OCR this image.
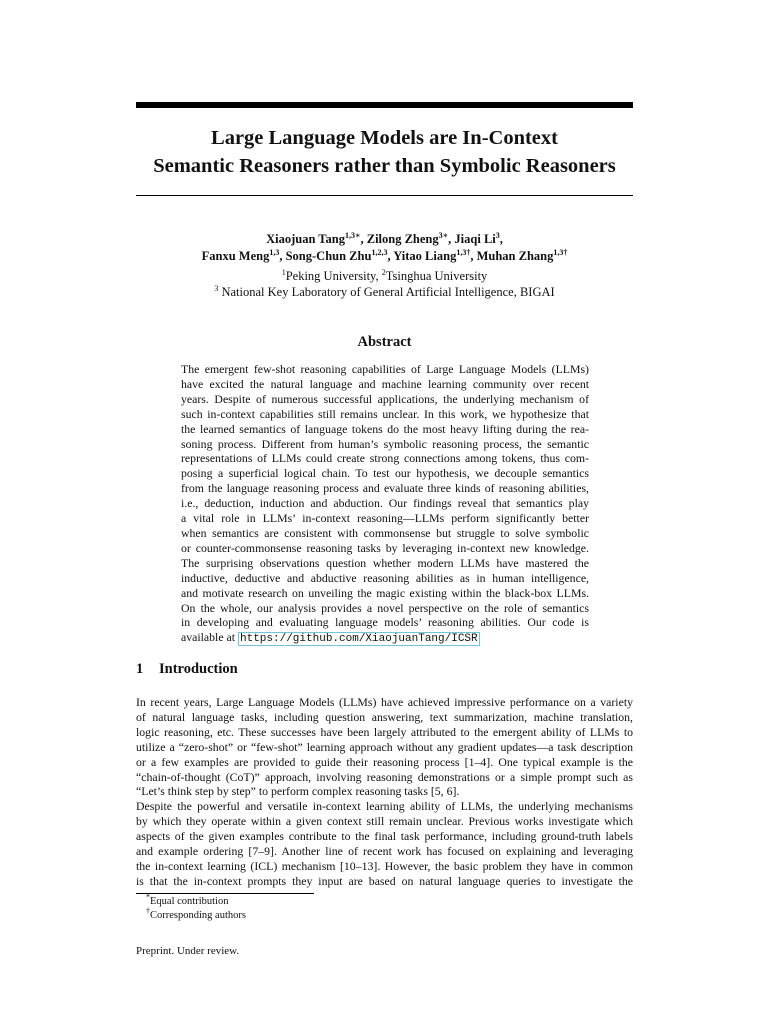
Large Language Models are In-Context
Semantic Reasoners rather than Symbolic Reasoners
Xiaojuan Tang$^{1,3∗}$, Zilong Zheng$^{3∗}$, Jiaqi Li$^3$,
Fanxu Meng$^{1,3}$, Song-Chun Zhu$^{1,2,3}$, Yitao Liang$^{1,3\dagger}$, Muhan Zhang$^{1,3\dagger}$
$^1$Peking University, $^2$Tsinghua University
$^3$ National Key Laboratory of General Artificial Intelligence, BIGAI
Abstract
The emergent few-shot reasoning capabilities of Large Language Models (LLMs)
have excited the natural language and machine learning community over recent
years. Despite of numerous successful applications, the underlying mechanism of
such in-context capabilities still remains unclear. In this work, we hypothesize that
the learned semantics of language tokens do the most heavy lifting during the rea-
soning process. Different from human’s symbolic reasoning process, the semantic
representations of LLMs could create strong connections among tokens, thus com-
posing a superficial logical chain. To test our hypothesis, we decouple semantics
from the language reasoning process and evaluate three kinds of reasoning abilities,
i.e., deduction, induction and abduction. Our findings reveal that semantics play
a vital role in LLMs’ in-context reasoning—LLMs perform significantly better
when semantics are consistent with commonsense but struggle to solve symbolic
or counter-commonsense reasoning tasks by leveraging in-context new knowledge.
The surprising observations question whether modern LLMs have mastered the
inductive, deductive and abductive reasoning abilities as in human intelligence,
and motivate research on unveiling the magic existing within the black-box LLMs.
On the whole, our analysis provides a novel perspective on the role of semantics
in developing and evaluating language models’ reasoning abilities. Our code is
available at https://github.com/XiaojuanTang/ICSR
1 Introduction
In recent years, Large Language Models (LLMs) have achieved impressive performance on a variety
of natural language tasks, including question answering, text summarization, machine translation,
logic reasoning, etc. These successes have been largely attributed to the emergent ability of LLMs to
utilize a “zero-shot” or “few-shot” learning approach without any gradient updates—a task description
or a few examples are provided to guide their reasoning process [1–4]. One typical example is the
“chain-of-thought (CoT)” approach, involving reasoning demonstrations or a simple prompt such as
“Let’s think step by step” to perform complex reasoning tasks [5, 6].
Despite the powerful and versatile in-context learning ability of LLMs, the underlying mechanisms
by which they operate within a given context still remain unclear. Previous works investigate which
aspects of the given examples contribute to the final task performance, including ground-truth labels
and example ordering [7–9]. Another line of recent work has focused on explaining and leveraging
the in-context learning (ICL) mechanism [10–13]. However, the basic problem they have in common
is that the in-context prompts they input are based on natural language queries to investigate the
*Equal contribution
†Corresponding authors
Preprint. Under review.
